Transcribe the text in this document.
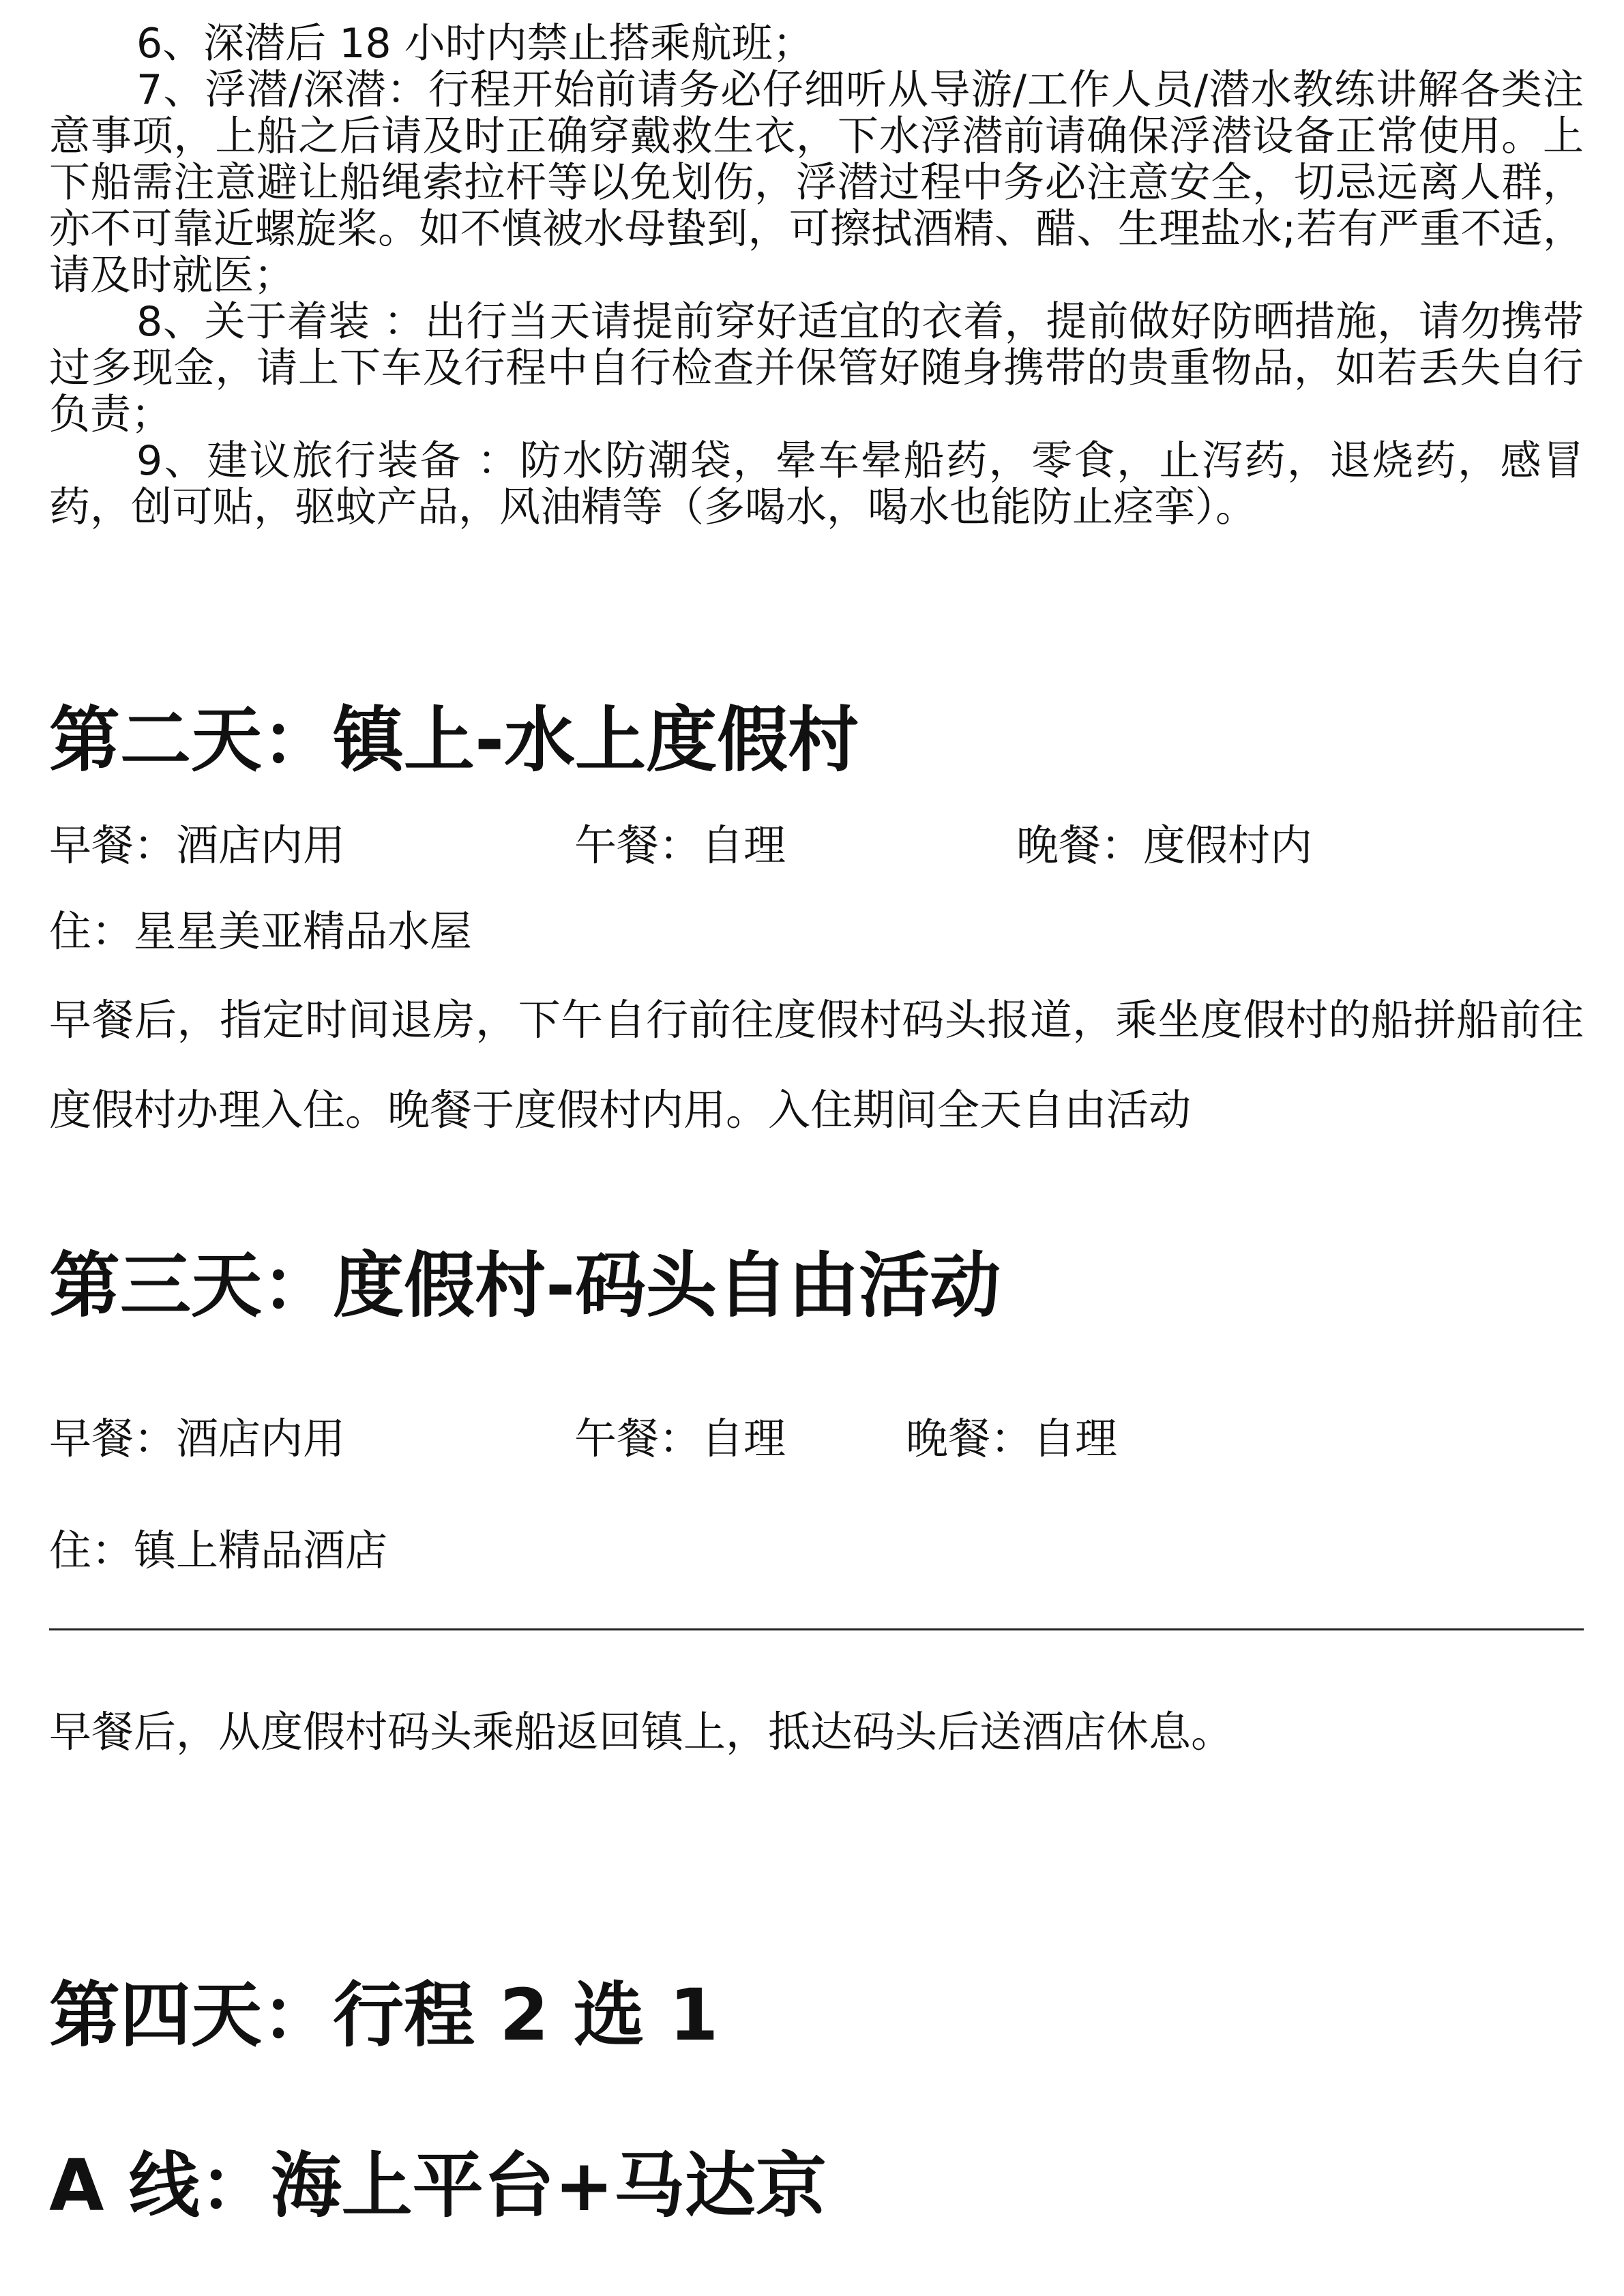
6、深潜后 18 小时内禁止搭乘航班；

7、浮潜/深潜：行程开始前请务必仔细听从导游/工作人员/潜水教练讲解各类注意事项，上船之后请及时正确穿戴救生衣，下水浮潜前请确保浮潜设备正常使用。上下船需注意避让船绳索拉杆等以免划伤，浮潜过程中务必注意安全，切忌远离人群，亦不可靠近螺旋桨。如不慎被水母蛰到，可擦拭酒精、醋、生理盐水;若有严重不适，请及时就医；

8、关于着装 ：出行当天请提前穿好适宜的衣着，提前做好防晒措施，请勿携带过多现金，请上下车及行程中自行检查并保管好随身携带的贵重物品，如若丢失自行负责；

9、建议旅行装备 ：防水防潮袋，晕车晕船药，零食，止泻药，退烧药，感冒药，创可贴，驱蚊产品，风油精等（多喝水，喝水也能防止痉挛）。

第二天：镇上-水上度假村
早餐：酒店内用	午餐：自理	晚餐：度假村内

住：星星美亚精品水屋

早餐后，指定时间退房，下午自行前往度假村码头报道，乘坐度假村的船拼船前往度假村办理入住。晚餐于度假村内用。入住期间全天自由活动

第三天：度假村-码头自由活动
早餐：酒店内用	午餐：自理	晚餐：自理

住：镇上精品酒店

早餐后，从度假村码头乘船返回镇上，抵达码头后送酒店休息。

第四天：行程 2 选 1
A 线：海上平台+马达京
